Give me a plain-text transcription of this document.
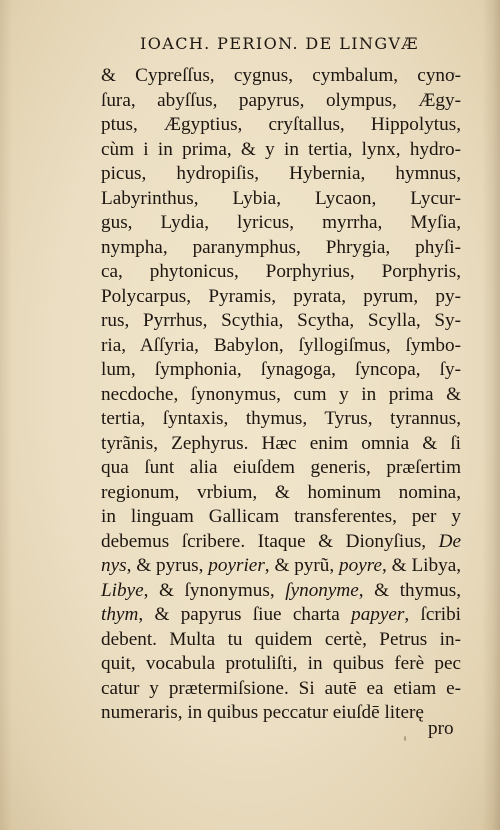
IOACH. PERION. DE LINGVÆ
& Cypreſſus, cygnus, cymbalum, cyno-
ſura, abyſſus, papyrus, olympus, Ægy-
ptus, Ægyptius, cryſtallus, Hippolytus,
cùm i in prima, & y in tertia, lynx, hydro-
picus, hydropiſis, Hybernia, hymnus,
Labyrinthus, Lybia, Lycaon, Lycur-
gus, Lydia, lyricus, myrrha, Myſia,
nympha, paranymphus, Phrygia, phyſi-
ca, phytonicus, Porphyrius, Porphyris,
Polycarpus, Pyramis, pyrata, pyrum, py-
rus, Pyrrhus, Scythia, Scytha, Scylla, Sy-
ria, Aſſyria, Babylon, ſyllogiſmus, ſymbo-
lum, ſymphonia, ſynagoga, ſyncopa, ſy-
necdoche, ſynonymus, cum y in prima &
tertia, ſyntaxis, thymus, Tyrus, tyrannus,
tyrãnis, Zephyrus. Hæc enim omnia & ſi
qua ſunt alia eiuſdem generis, præſertim
regionum, vrbium, & hominum nomina,
in linguam Gallicam transferentes, per y
debemus ſcribere. Itaque & Dionyſius, De
nys, & pyrus, poyrier, & pyrũ, poyre, & Libya,
Libye, & ſynonymus, ſynonyme, & thymus,
thym, & papyrus ſiue charta papyer, ſcribi
debent. Multa tu quidem certè, Petrus in-
quit, vocabula protuliſti, in quibus ferè pec
catur y prætermiſsione. Si autē ea etiam e-
numeraris, in quibus peccatur eiuſdē literę
pro
